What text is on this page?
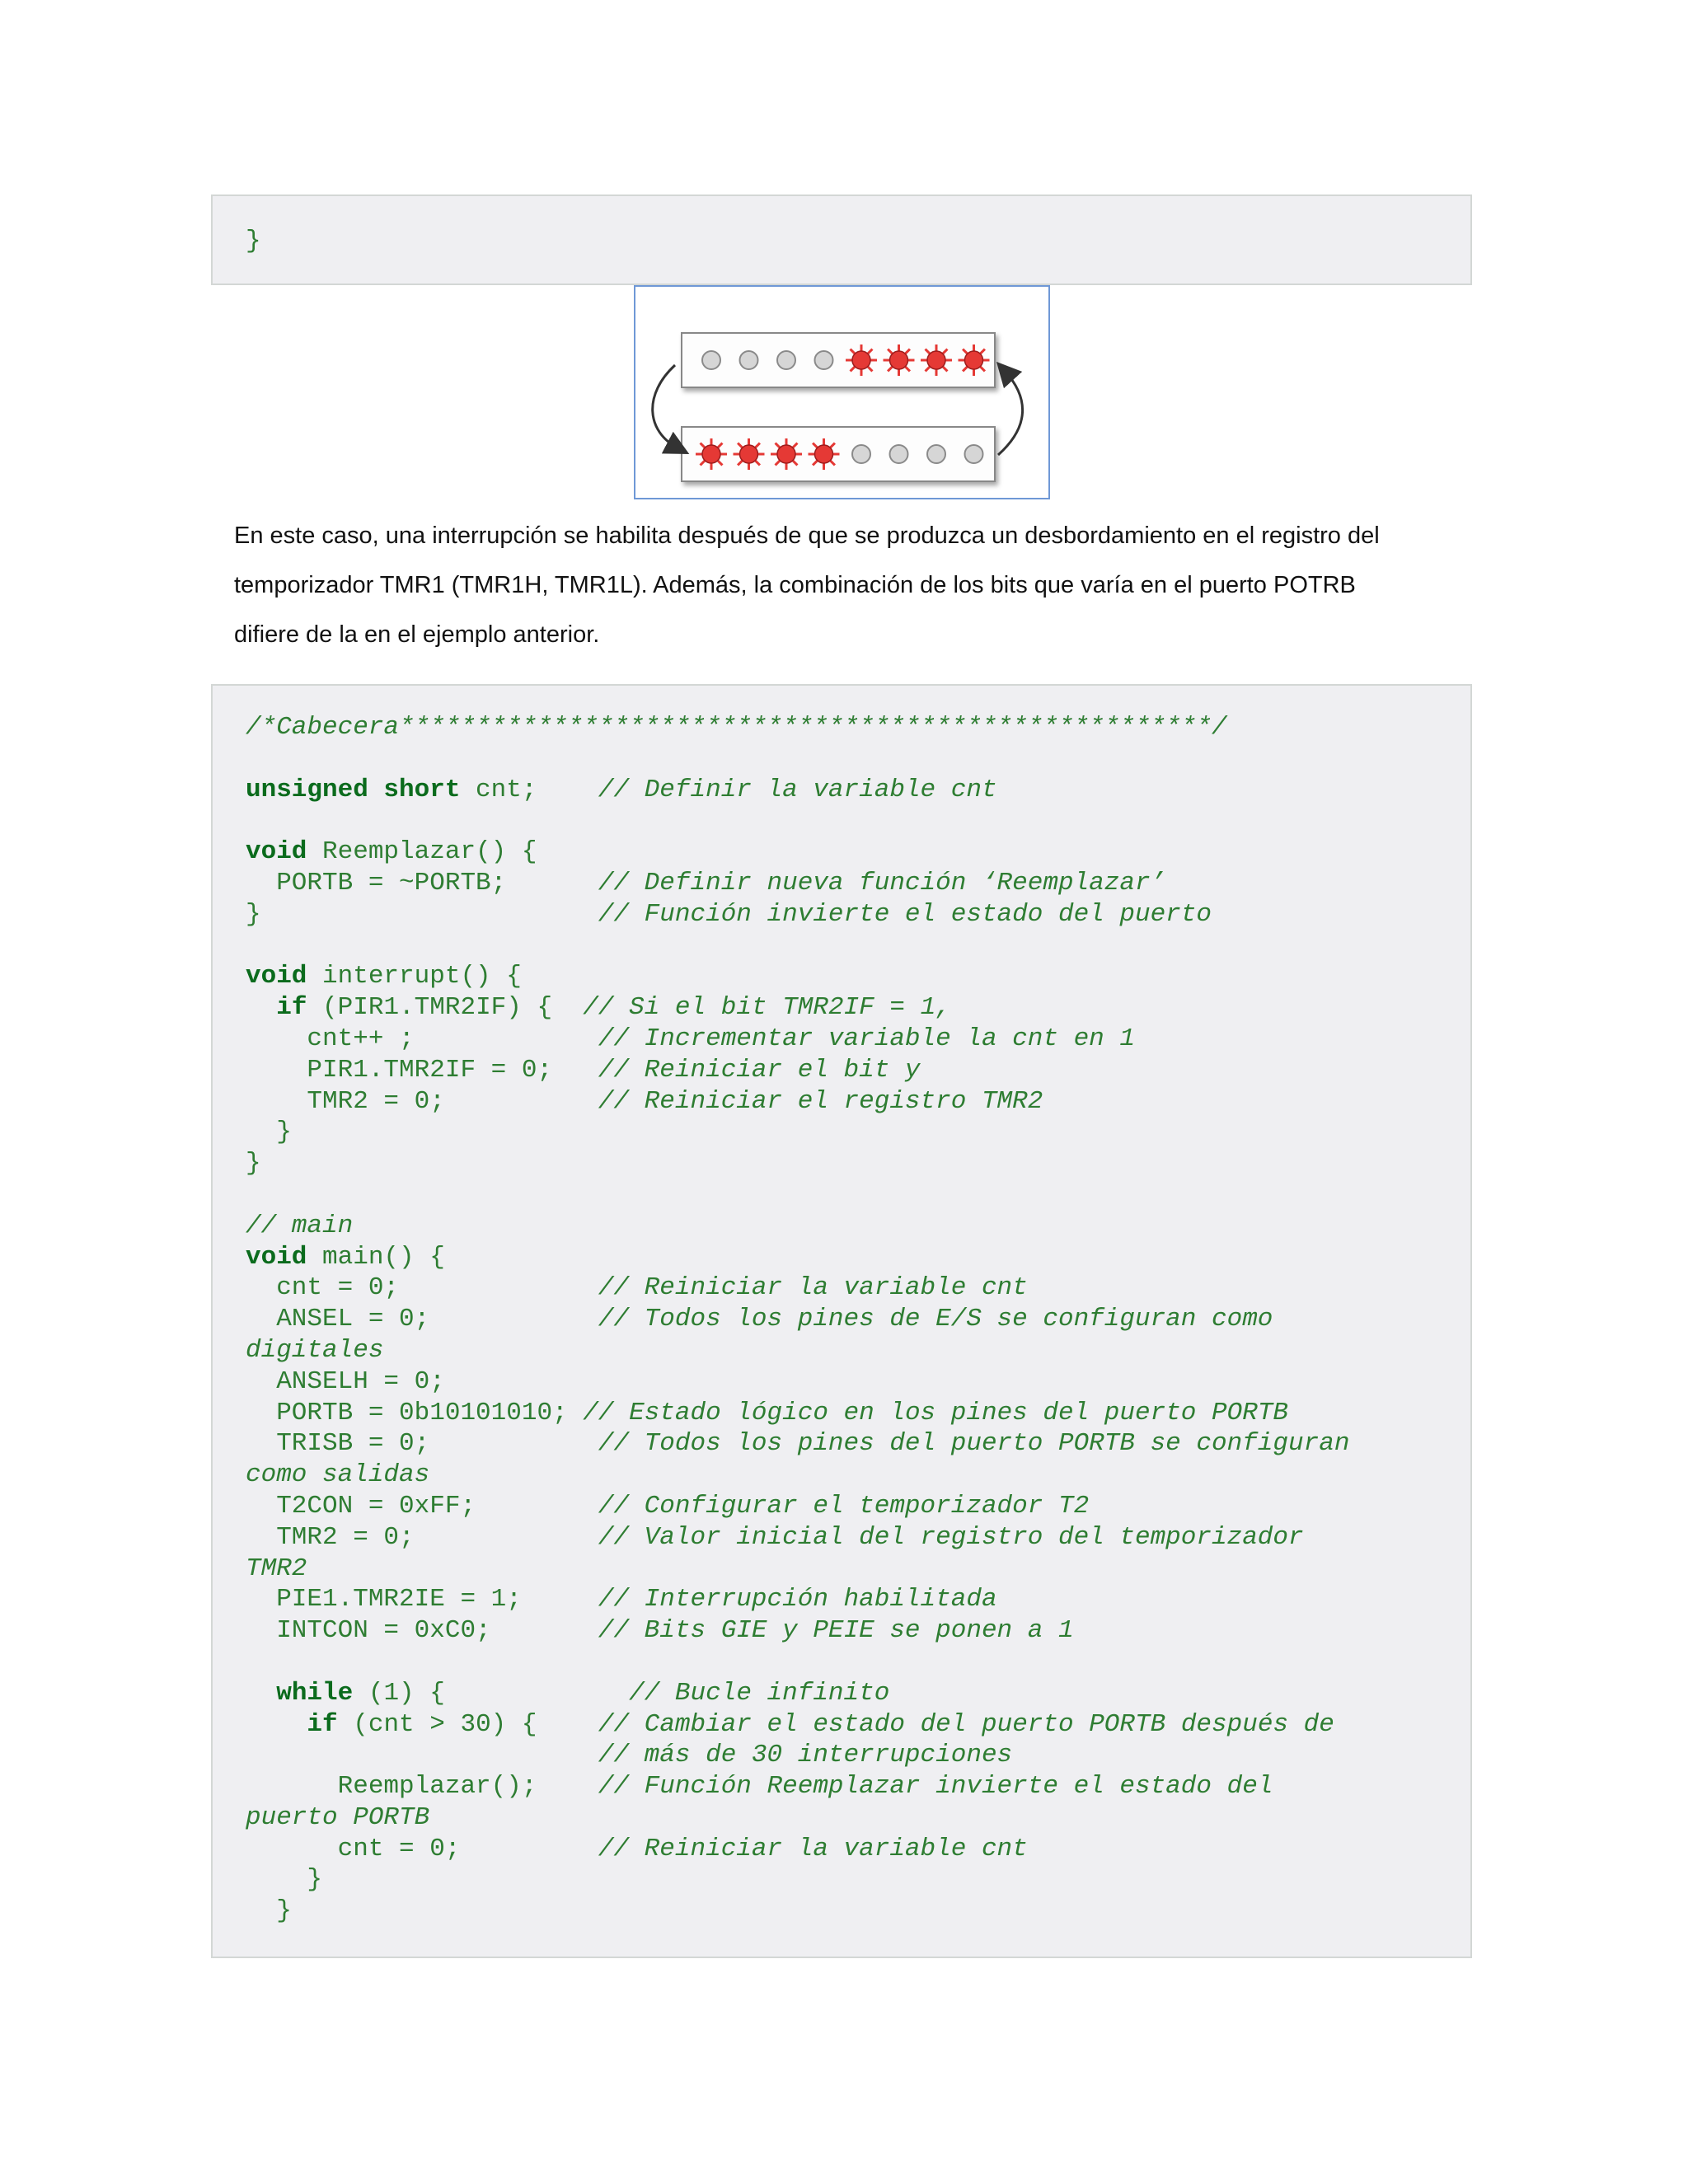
}
En este caso, una interrupción se habilita después de que se produzca un desbordamiento en el registro del
temporizador TMR1 (TMR1H, TMR1L). Además, la combinación de los bits que varía en el puerto POTRB
difiere de la en el ejemplo anterior.
/*Cabecera*****************************************************/
unsigned short cnt;    // Definir la variable cnt
void Reemplazar() {
PORTB = ~PORTB;      // Definir nueva función ‘Reemplazar’
}                      // Función invierte el estado del puerto
void interrupt() {
if (PIR1.TMR2IF) {  // Si el bit TMR2IF = 1,
cnt++ ;            // Incrementar variable la cnt en 1
PIR1.TMR2IF = 0;   // Reiniciar el bit y
TMR2 = 0;          // Reiniciar el registro TMR2
}
}
// main
void main() {
cnt = 0;             // Reiniciar la variable cnt
ANSEL = 0;           // Todos los pines de E/S se configuran como
digitales
ANSELH = 0;
PORTB = 0b10101010; // Estado lógico en los pines del puerto PORTB
TRISB = 0;           // Todos los pines del puerto PORTB se configuran
como salidas
T2CON = 0xFF;        // Configurar el temporizador T2
TMR2 = 0;            // Valor inicial del registro del temporizador
TMR2
PIE1.TMR2IE = 1;     // Interrupción habilitada
INTCON = 0xC0;       // Bits GIE y PEIE se ponen a 1
while (1) {            // Bucle infinito
if (cnt > 30) {    // Cambiar el estado del puerto PORTB después de
// más de 30 interrupciones
Reemplazar();    // Función Reemplazar invierte el estado del
puerto PORTB
cnt = 0;         // Reiniciar la variable cnt
}
}
